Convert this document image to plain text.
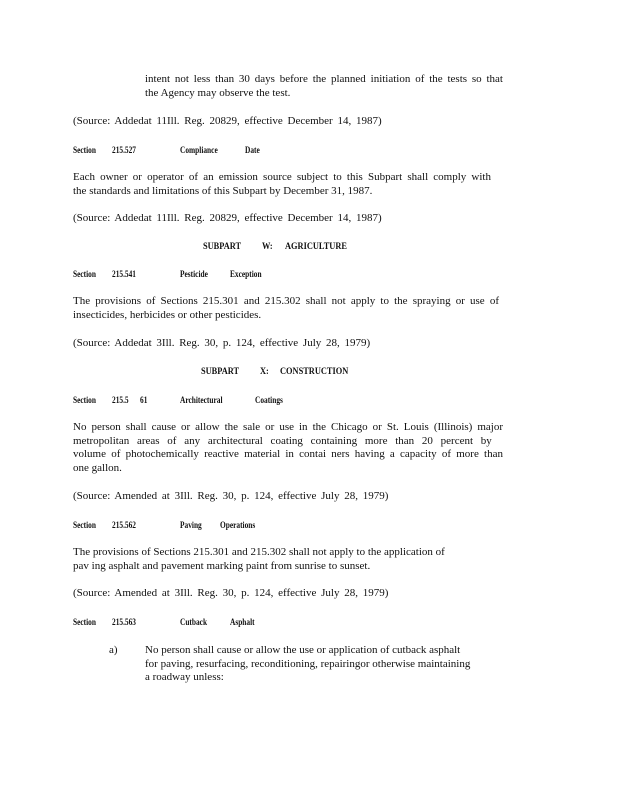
intent not less than 30 days before the planned initiation of the tests so that
the Agency may observe the test.
(Source: Addedat 11Ill. Reg. 20829, effective December 14, 1987)
Section 215.527	Compliance	Date
Each owner or operator of an emission source subject to this Subpart shall comply with
the standards and limitations of this Subpart by December 31, 1987.
(Source: Addedat 11Ill. Reg. 20829, effective December 14, 1987)
SUBPART W: AGRICULTURE
Section 215.541	Pesticide Exception
The provisions of Sections 215.301 and 215.302 shall not apply to the spraying or use of
insecticides, herbicides or other pesticides.
(Source: Addedat 3Ill. Reg. 30, p. 124, effective July 28, 1979)
SUBPART X: CONSTRUCTION
Section 215.5 61	Architectural	Coatings
No person shall cause or allow the sale or use in the Chicago or St. Louis (Illinois) major
metropolitan areas of any architectural coating containing more than 20 percent by
volume of photochemically reactive material in contai ners having a capacity of more than
one gallon.
(Source: Amended at 3Ill. Reg. 30, p. 124, effective July 28, 1979)
Section 215.562	Paving Operations
The provisions of Sections 215.301 and 215.302 shall not apply to the application of
pav ing asphalt and pavement marking paint from sunrise to sunset.
(Source: Amended at 3Ill. Reg. 30, p. 124, effective July 28, 1979)
Section 215.563	Cutback	Asphalt
a) No person shall cause or allow the use or application of cutback asphalt
for paving, resurfacing, reconditioning, repairingor otherwise maintaining
a roadway unless:
